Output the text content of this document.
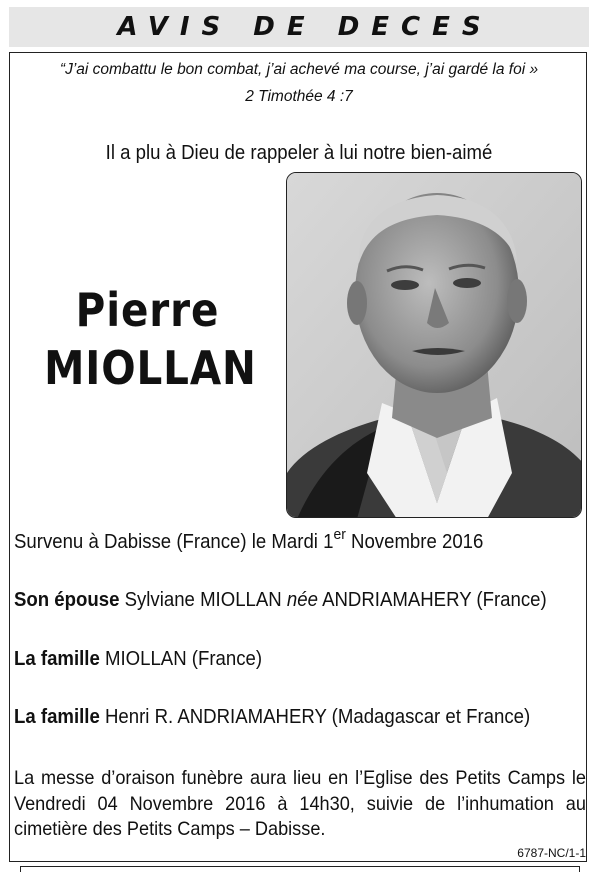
AVIS DE DECES
“J’ai combattu le bon combat, j’ai achevé ma course, j’ai gardé la foi »
2 Timothée 4 :7
Il a plu à Dieu de rappeler à lui notre bien-aimé
Pierre
MIOLLAN
Survenu à Dabisse (France) le Mardi 1er Novembre 2016
Son épouse Sylviane MIOLLAN née ANDRIAMAHERY (France)
La famille MIOLLAN (France)
La famille Henri R. ANDRIAMAHERY (Madagascar et France)
La messe d’oraison funèbre aura lieu en l’Eglise des Petits Camps le Vendredi 04 Novembre 2016 à 14h30, suivie de l’inhumation au cimetière des Petits Camps – Dabisse.
6787-NC/1-1
